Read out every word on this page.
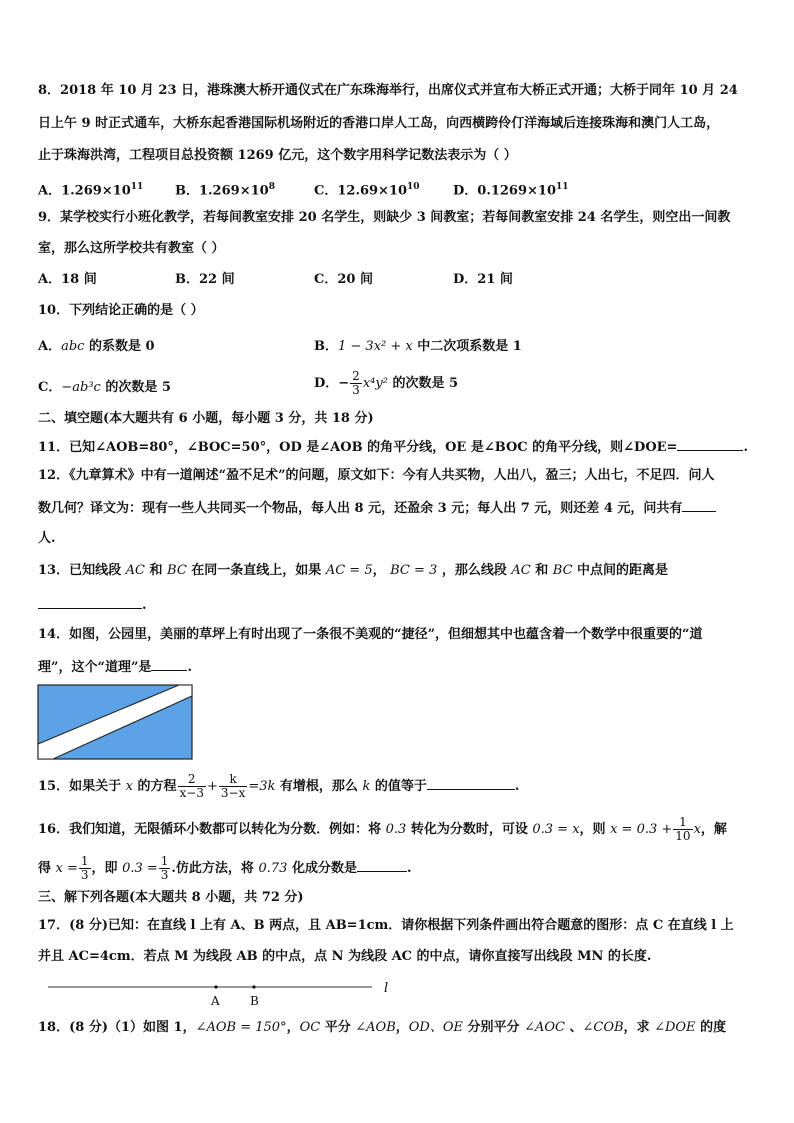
8．2018 年 10 月 23 日，港珠澳大桥开通仪式在广东珠海举行，出席仪式并宣布大桥正式开通；大桥于同年 10 月 24
日上午 9 时正式通车，大桥东起香港国际机场附近的香港口岸人工岛，向西横跨伶仃洋海域后连接珠海和澳门人工岛，
止于珠海洪湾，工程项目总投资额 1269 亿元，这个数字用科学记数法表示为（ ）
A．$1.269\times 10^{11}$ B．$1.269\times 10^8$	C．$12.69\times 10^{10}$	D．$0.1269\times 10^{11}$
9．某学校实行小班化教学，若每间教室安排 20 名学生，则缺少 3 间教室；若每间教室安排 24 名学生，则空出一间教
室，那么这所学校共有教室（ ）
A．18 间	B．22 间	C．20 间	D．21 间
10．下列结论正确的是（ ）
A．abc 的系数是 0	B．1 − 3x² + x 中二次项系数是 1
C．−ab³c 的次数是 5	D．− $\frac{2}{3} x^4y^2$ 的次数是 5
二、填空题(本大题共有 6 小题，每小题 3 分，共 18 分)
11．已知∠AOB=80°，∠BOC=50°，OD 是∠AOB 的角平分线，OE 是∠BOC 的角平分线，则∠DOE=	.
12．《九章算术》中有一道阐述“盈不足术”的问题，原文如下：今有人共买物，人出八，盈三；人出七，不足四．问人
数几何？译文为：现有一些人共同买一个物品，每人出 8 元，还盈余 3 元；每人出 7 元，则还差 4 元，问共有
人.
13．已知线段 AC 和 BC 在同一条直线上，如果 AC = 5， BC = 3 ，那么线段 AC 和 BC 中点间的距离是
.
14．如图，公园里，美丽的草坪上有时出现了一条很不美观的“捷径”，但细想其中也蕴含着一个数学中很重要的“道
理”，这个“道理”是	.
15．如果关于 x 的方程 $\frac{2}{x-3} + \frac{k}{3-x} =3k$ 有增根，那么 k 的值等于	.
16．我们知道，无限循环小数都可以转化为分数．例如：将 0.3 转化为分数时，可设 0.3 = x，则 $x = 0.3 + \frac{1}{10}$ x，解
得 $x = \frac{1}{3}$ ，即 $0.3 = \frac{1}{3}$ .仿此方法，将 0.73 化成分数是	.
三、解下列各题(本大题共 8 小题，共 72 分)
17．(8 分)已知：在直线 l 上有 A、B 两点，且 AB=1cm．请你根据下列条件画出符合题意的图形：点 C 在直线 l 上
并且 AC=4cm．若点 M 为线段 AB 的中点，点 N 为线段 AC 的中点，请你直接写出线段 MN 的长度.
A	B
l
18．(8 分)（1）如图 1，∠AOB = 150°，OC 平分 ∠AOB，OD、OE 分别平分 ∠AOC 、∠COB，求 ∠DOE 的度
